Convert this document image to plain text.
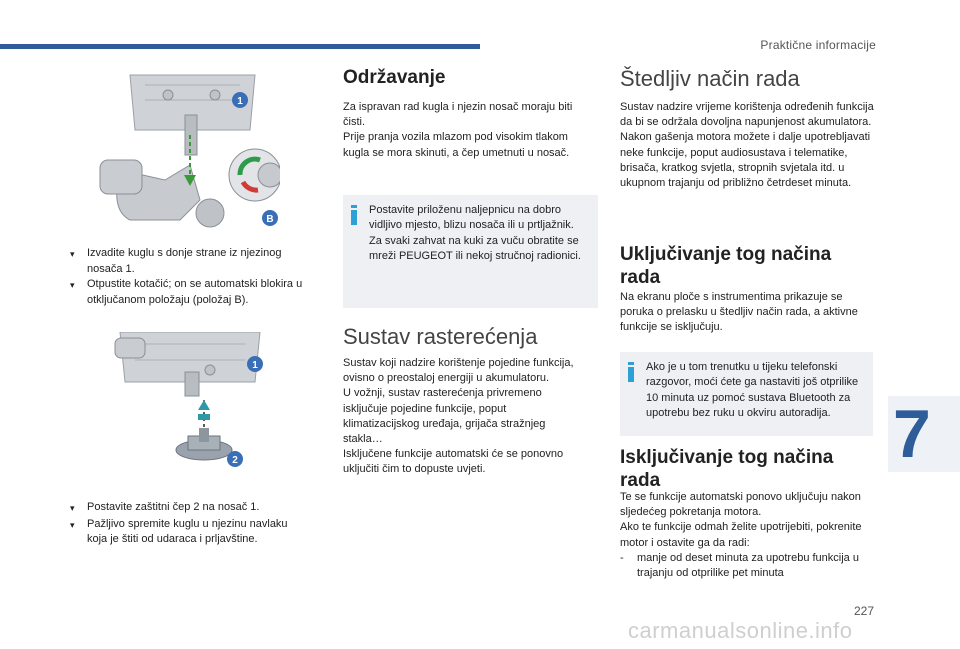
Praktične informacije
7
1
B
▾	Izvadite kuglu s donje strane iz njezinog nosača 1.
▾	Otpustite kotačić; on se automatski blokira u otključanom položaju (položaj B).
1
2
▾	Postavite zaštitni čep 2 na nosač 1.
▾	Pažljivo spremite kuglu u njezinu navlaku koja je štiti od udaraca i prljavštine.
Održavanje
Za ispravan rad kugla i njezin nosač moraju biti čisti.
Prije pranja vozila mlazom pod visokim tlakom kugla se mora skinuti, a čep umetnuti u nosač.
Postavite priloženu naljepnicu na dobro vidljivo mjesto, blizu nosača ili u prtljažnik.
Za svaki zahvat na kuki za vuču obratite se mreži PEUGEOT ili nekoj stručnoj radionici.
Sustav rasterećenja
Sustav koji nadzire korištenje pojedine funkcija, ovisno o preostaloj energiji u akumulatoru.
U vožnji, sustav rasterećenja privremeno isključuje pojedine funkcije, poput klimatizacijskog uređaja, grijača stražnjeg stakla…
Isključene funkcije automatski će se ponovno uključiti čim to dopuste uvjeti.
Štedljiv način rada
Sustav nadzire vrijeme korištenja određenih funkcija da bi se održala dovoljna napunjenost akumulatora.
Nakon gašenja motora možete i dalje upotrebljavati neke funkcije, poput audiosustava i telematike, brisača, kratkog svjetla, stropnih svjetala itd. u ukupnom trajanju od približno četrdeset minuta.
Uključivanje tog načina rada
Na ekranu ploče s instrumentima prikazuje se poruka o prelasku u štedljiv način rada, a aktivne funkcije se isključuju.
Ako je u tom trenutku u tijeku telefonski razgovor, moći ćete ga nastaviti još otprilike 10 minuta uz pomoć sustava Bluetooth za upotrebu bez ruku u okviru autoradija.
Isključivanje tog načina rada
Te se funkcije automatski ponovo uključuju nakon sljedećeg pokretanja motora.
Ako te funkcije odmah želite upotrijebiti, pokrenite motor i ostavite ga da radi:
-	manje od deset minuta za upotrebu funkcija u trajanju od otprilike pet minuta
227
carmanualsonline.info
